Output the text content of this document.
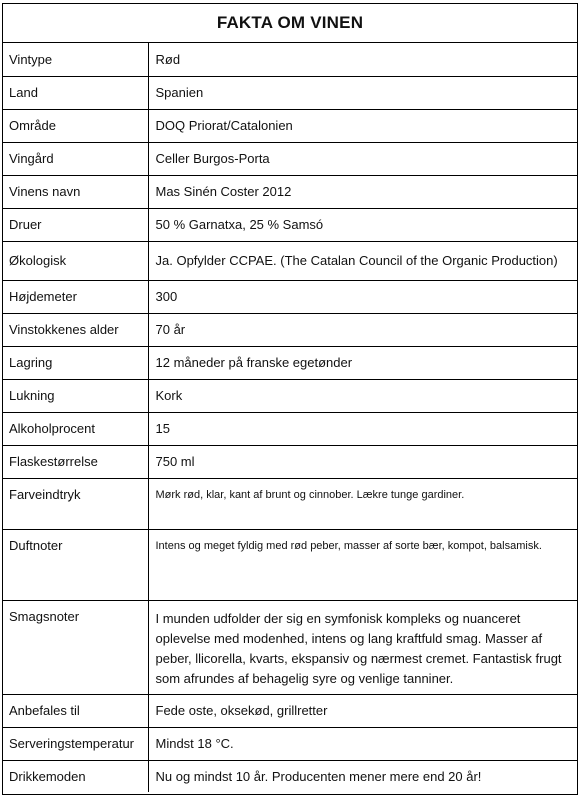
FAKTA OM VINEN
Vintype	Rød
Land	Spanien
Område	DOQ Priorat/Catalonien
Vingård	Celler Burgos-Porta
Vinens navn	Mas Sinén Coster 2012
Druer	50 % Garnatxa, 25 % Samsó
Økologisk	Ja. Opfylder CCPAE. (The Catalan Council of the Organic Production)
Højdemeter	300
Vinstokkenes alder	70 år
Lagring	12 måneder på franske egetønder
Lukning	Kork
Alkoholprocent	15
Flaskestørrelse	750 ml
Farveindtryk	Mørk rød, klar, kant af brunt og cinnober. Lækre tunge gardiner.
Duftnoter	Intens og meget fyldig med rød peber, masser af sorte bær, kompot, balsamisk.
Smagsnoter	I munden udfolder der sig en symfonisk kompleks og nuanceret oplevelse med modenhed, intens og lang kraftfuld smag. Masser af peber, llicorella, kvarts, ekspansiv og nærmest cremet. Fantastisk frugt som afrundes af behagelig syre og venlige tanniner.
Anbefales til	Fede oste, oksekød, grillretter
Serveringstemperatur	Mindst 18 °C.
Drikkemoden	Nu og mindst 10 år. Producenten mener mere end 20 år!
